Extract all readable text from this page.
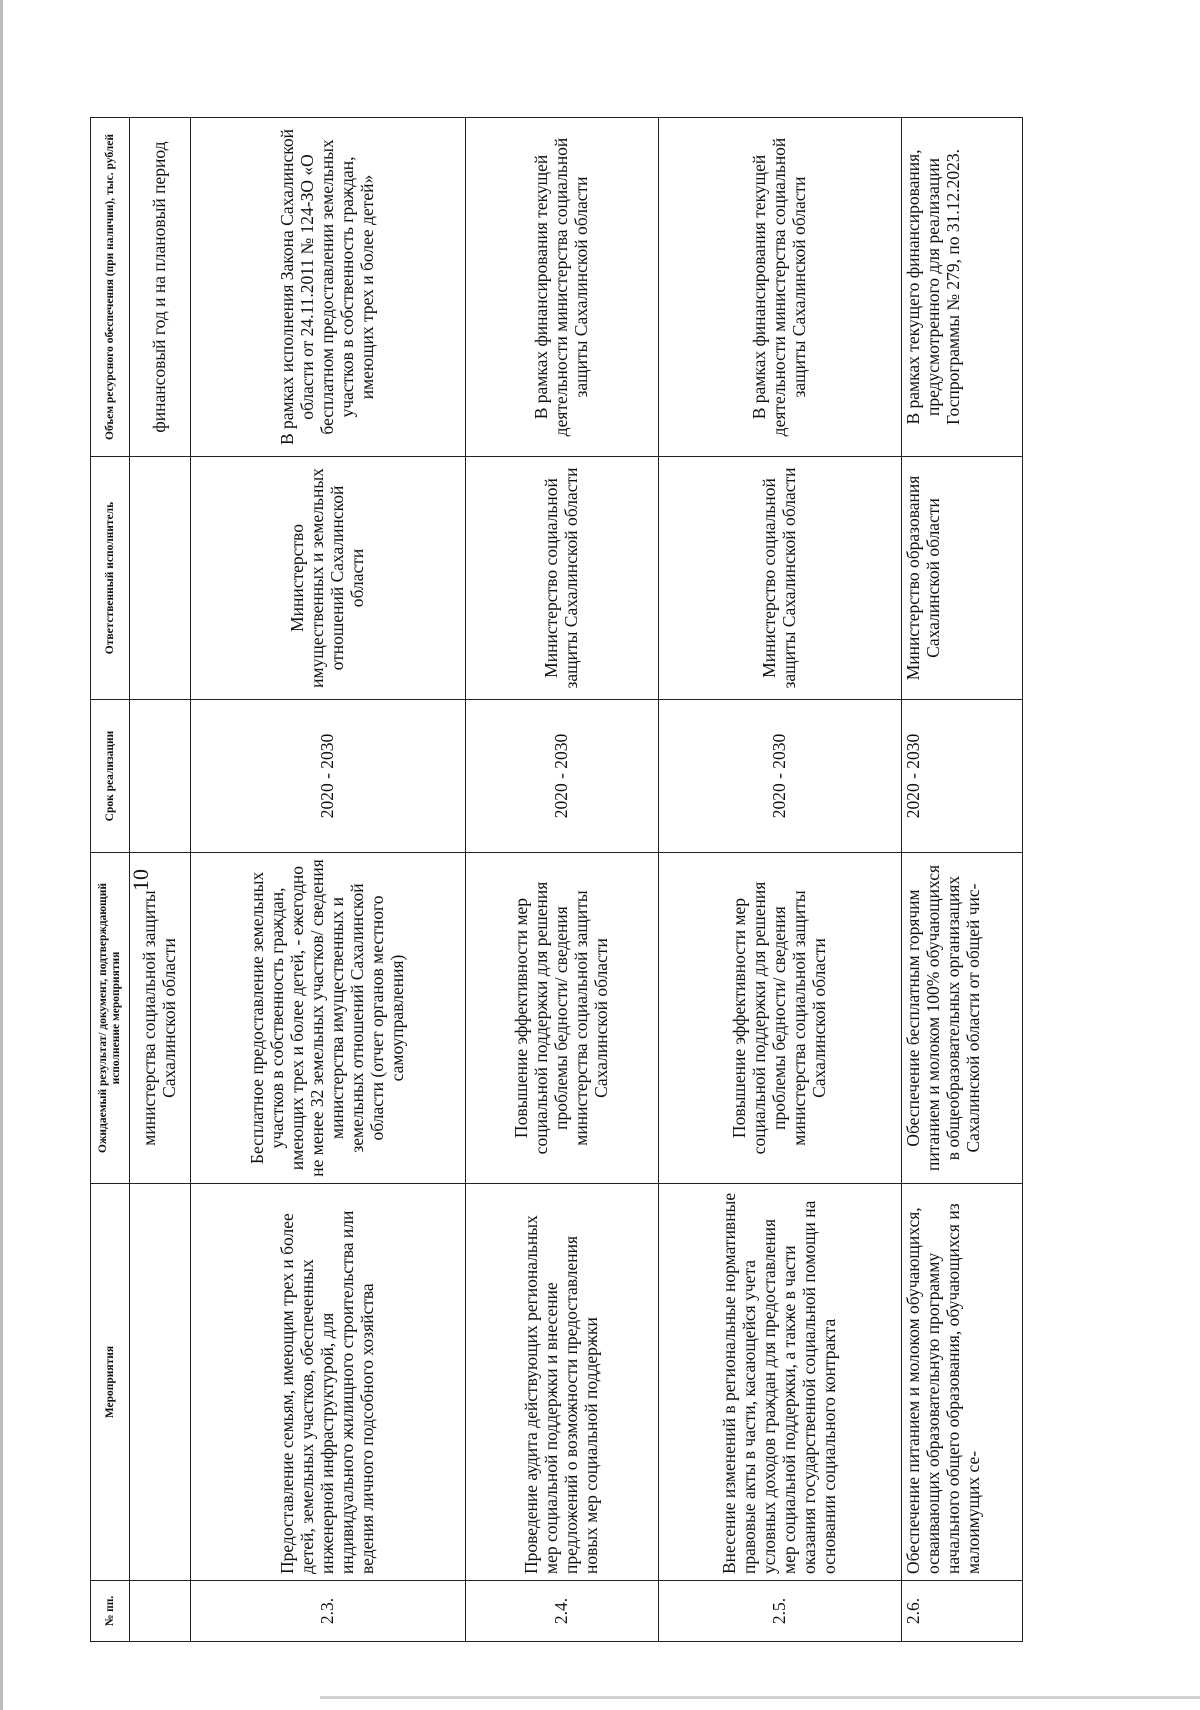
10
№ пп.	Мероприятия	Ожидаемый результат/ документ, подтверждающий исполнение мероприятия	Срок реализации	Ответственный исполнитель	Объем ресурсного обеспечения (при наличии), тыс. рублей
		министерства социальной защиты Сахалинской области			финансовый год и на плановый период
2.3.	Предоставление семьям, имеющим трех и более детей, земельных участков, обеспеченных инженерной инфраструктурой, для индивидуального жилищного строительства или ведения личного подсобного хозяйства	Бесплатное предоставление земельных участков в собственность граждан, имеющих трех и более детей, - ежегодно не менее 32 земельных участков/ сведения министерства имущественных и земельных отношений Сахалинской области (отчет органов местного самоуправления)	2020 - 2030	Министерство имущественных и земельных отношений Сахалинской области	В рамках исполнения Закона Сахалинской области от 24.11.2011 № 124-ЗО «О бесплатном предоставлении земельных участков в собственность граждан, имеющих трех и более детей»
2.4.	Проведение аудита действующих региональных мер социальной поддержки и внесение предложений о возможности предоставления новых мер социальной поддержки	Повышение эффективности мер социальной поддержки для решения проблемы бедности/ сведения министерства социальной защиты Сахалинской области	2020 - 2030	Министерство социальной защиты Сахалинской области	В рамках финансирования текущей деятельности министерства социальной защиты Сахалинской области
2.5.	Внесение изменений в региональные нормативные правовые акты в части, касающейся учета условных доходов граждан для предоставления мер социальной поддержки, а также в части оказания государственной социальной помощи на основании социального контракта	Повышение эффективности мер социальной поддержки для решения проблемы бедности/ сведения министерства социальной защиты Сахалинской области	2020 - 2030	Министерство социальной защиты Сахалинской области	В рамках финансирования текущей деятельности министерства социальной защиты Сахалинской области
2.6.	Обеспечение питанием и молоком обучающихся, осваивающих образовательную программу начального общего образования, обучающихся из малоимущих се-	Обеспечение бесплатным горячим питанием и молоком 100% обучающихся в общеобразовательных организациях Сахалинской области от общей чис-	2020 - 2030	Министерство образования Сахалинской области	В рамках текущего финансирования, предусмотренного для реализации Госпрограммы № 279, по 31.12.2023.
